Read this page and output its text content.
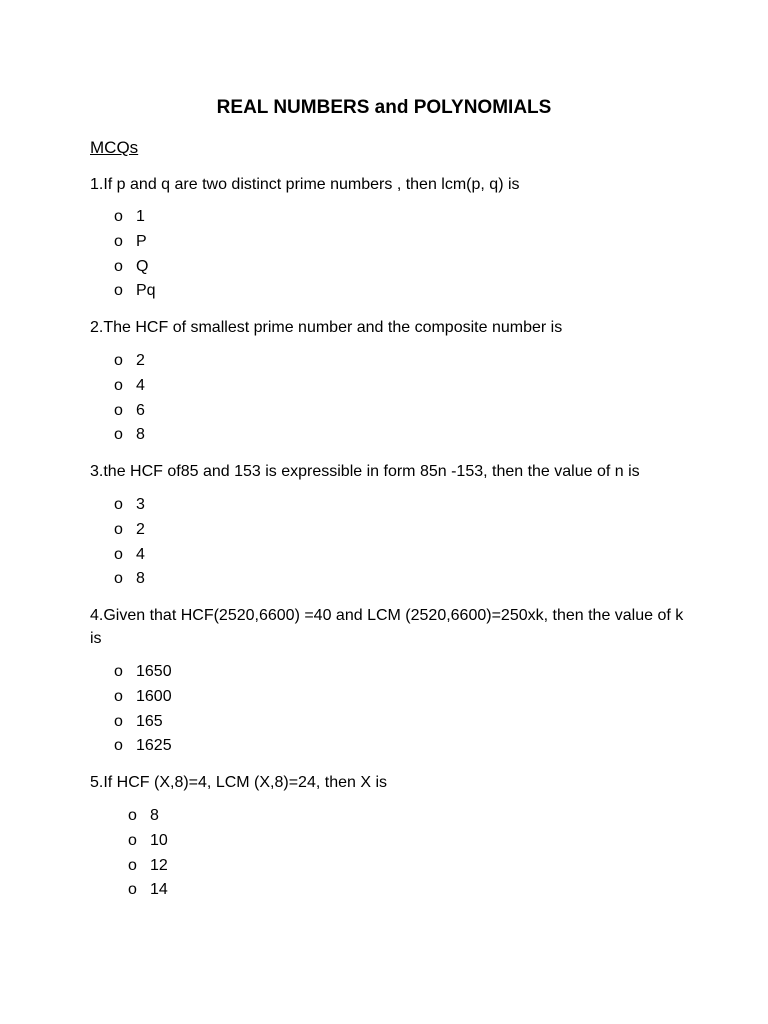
REAL NUMBERS and POLYNOMIALS

MCQs

1.If p and q are two distinct prime numbers , then lcm(p, q) is

o 1
o P
o Q
o Pq

2.The HCF of smallest prime number and the composite number is

o 2
o 4
o 6
o 8

3.the HCF of85 and 153 is expressible in form 85n -153, then the value of n is

o 3
o 2
o 4
o 8

4.Given that HCF(2520,6600) =40 and LCM (2520,6600)=250xk, then the value of k is

o 1650
o 1600
o 165
o 1625

5.If HCF (X,8)=4, LCM (X,8)=24, then X is

o 8
o 10
o 12
o 14
